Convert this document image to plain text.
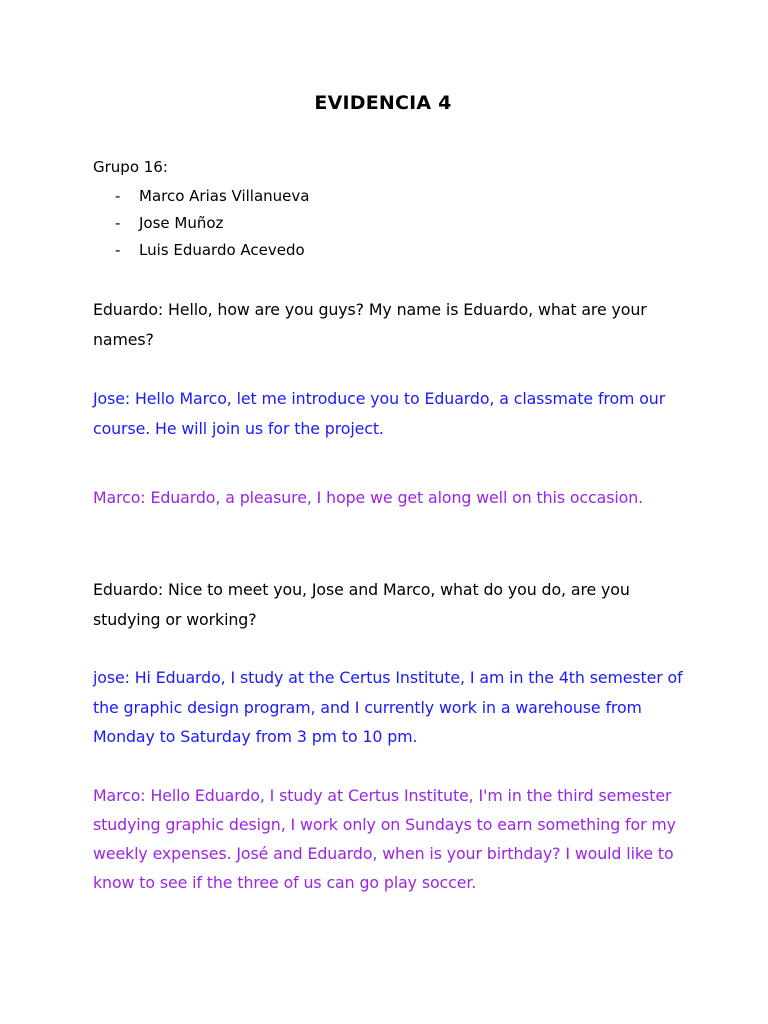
EVIDENCIA 4

Grupo 16:

- Marco Arias Villanueva
- Jose Muñoz
- Luis Eduardo Acevedo

Eduardo: Hello, how are you guys? My name is Eduardo, what are your names?

Jose: Hello Marco, let me introduce you to Eduardo, a classmate from our course. He will join us for the project.

Marco: Eduardo, a pleasure, I hope we get along well on this occasion.

Eduardo: Nice to meet you, Jose and Marco, what do you do, are you studying or working?

jose: Hi Eduardo, I study at the Certus Institute, I am in the 4th semester of the graphic design program, and I currently work in a warehouse from Monday to Saturday from 3 pm to 10 pm.

Marco: Hello Eduardo, I study at Certus Institute, I'm in the third semester studying graphic design, I work only on Sundays to earn something for my weekly expenses. José and Eduardo, when is your birthday? I would like to know to see if the three of us can go play soccer.
